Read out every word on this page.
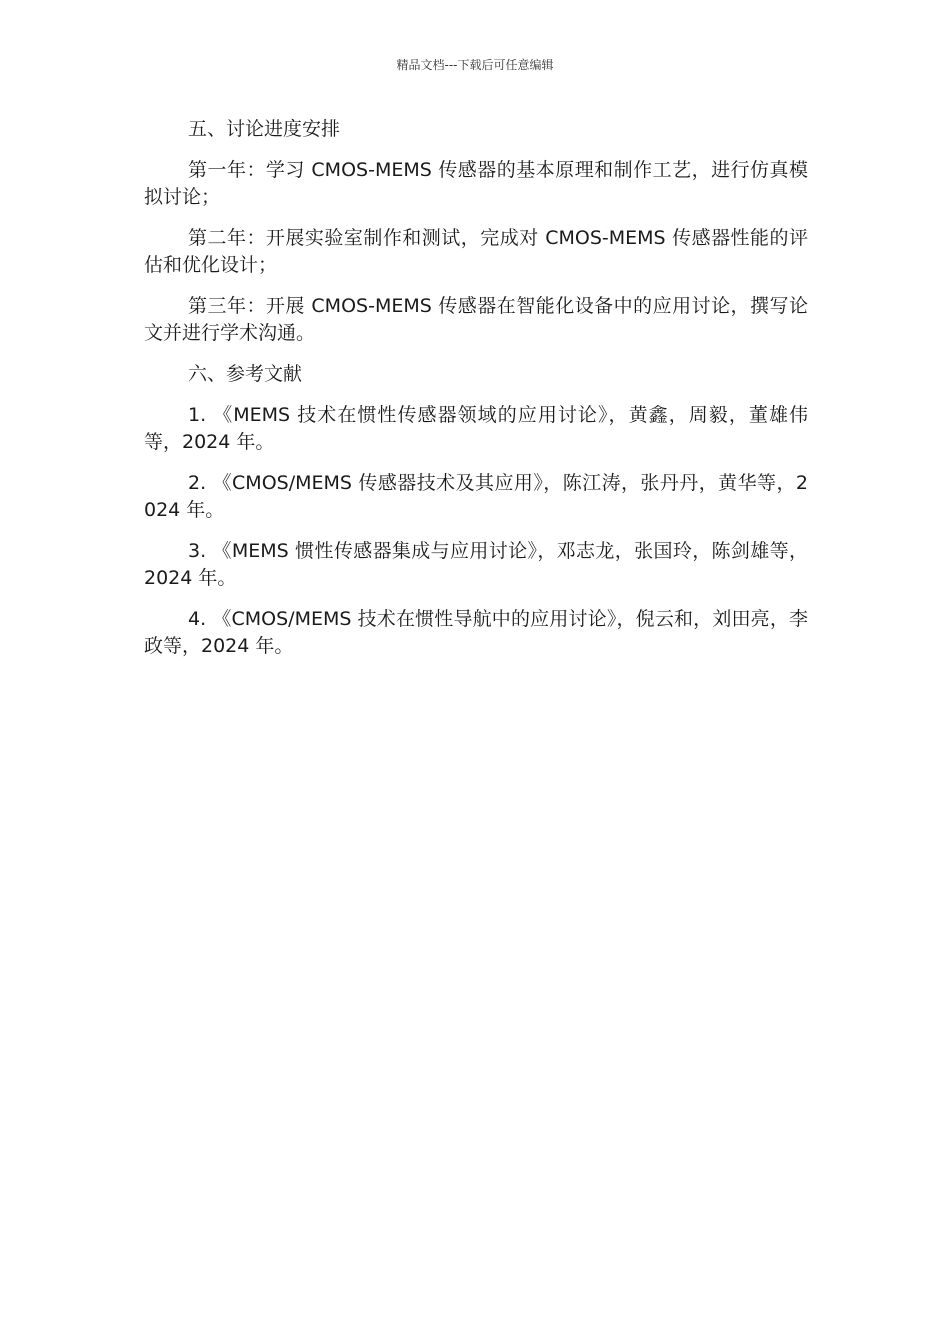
精品文档---下载后可任意编辑

五、讨论进度安排

第一年：学习 CMOS-MEMS 传感器的基本原理和制作工艺，进行仿真模拟讨论；

第二年：开展实验室制作和测试，完成对 CMOS-MEMS 传感器性能的评估和优化设计；

第三年：开展 CMOS-MEMS 传感器在智能化设备中的应用讨论，撰写论文并进行学术沟通。

六、参考文献

1. 《MEMS 技术在惯性传感器领域的应用讨论》，黄鑫，周毅，董雄伟等，2024 年。

2. 《CMOS/MEMS 传感器技术及其应用》，陈江涛，张丹丹，黄华等，2024 年。

3. 《MEMS 惯性传感器集成与应用讨论》，邓志龙，张国玲，陈剑雄等，2024 年。

4. 《CMOS/MEMS 技术在惯性导航中的应用讨论》，倪云和，刘田亮，李政等，2024 年。
